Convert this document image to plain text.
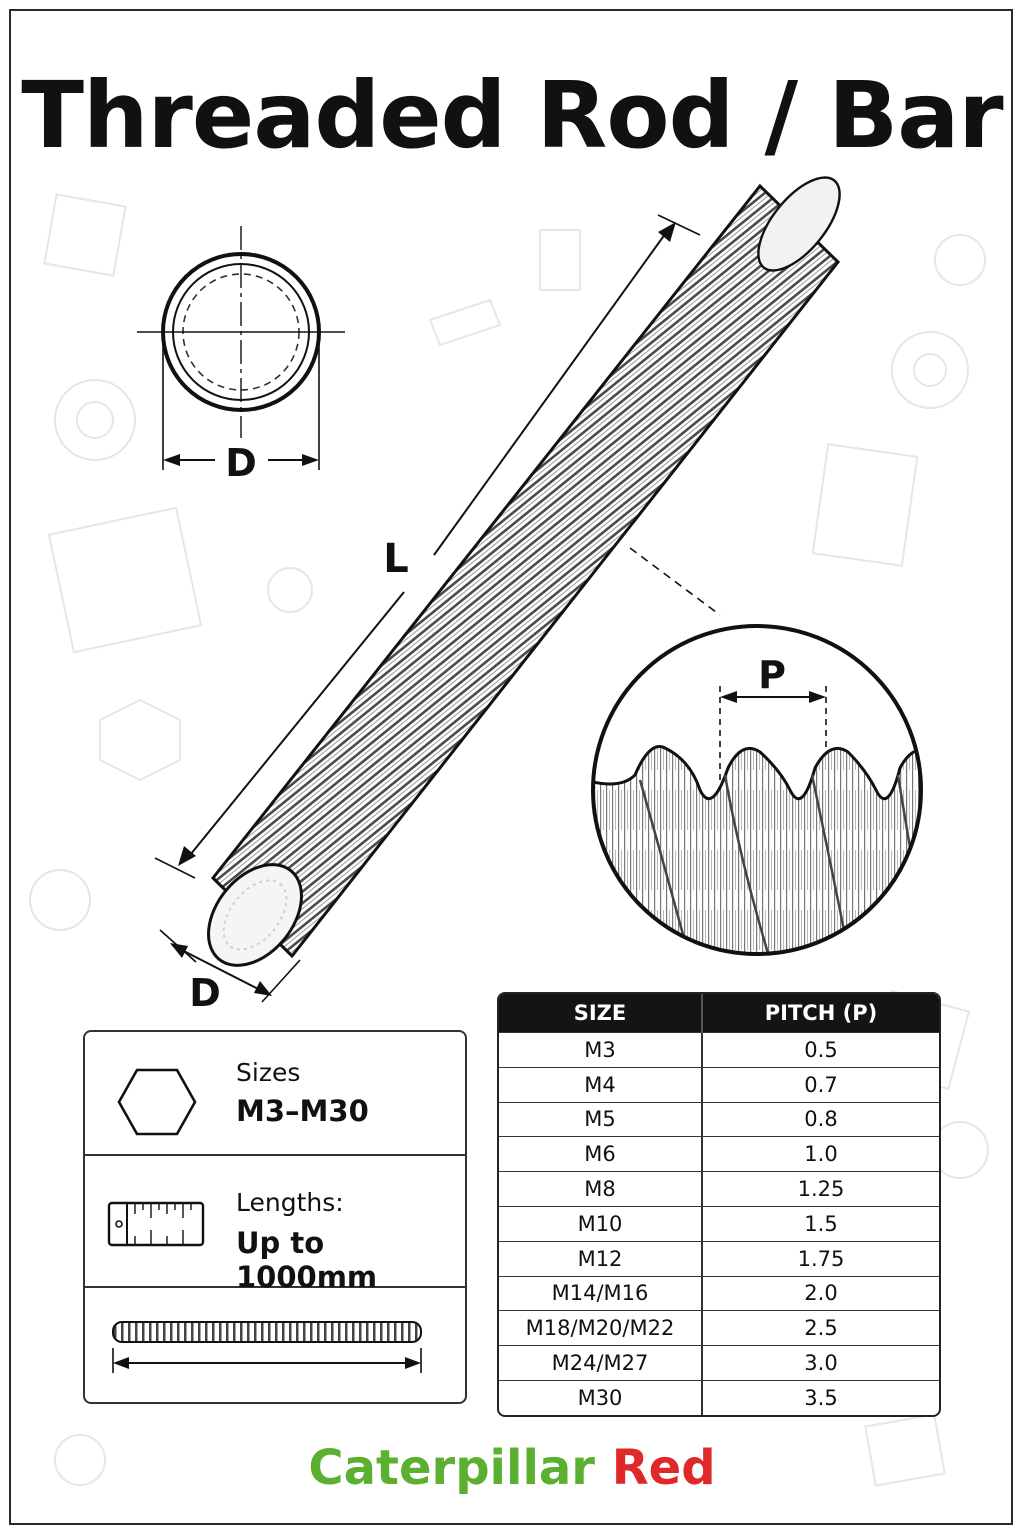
Threaded Rod / Bar
D
L
D
P
Sizes
M3–M30
Lengths:
Up to 1000mm
SIZE	PITCH (P)
M3	0.5
M4	0.7
M5	0.8
M6	1.0
M8	1.25
M10	1.5
M12	1.75
M14/M16	2.0
M18/M20/M22	2.5
M24/M27	3.0
M30	3.5
Caterpillar Red
